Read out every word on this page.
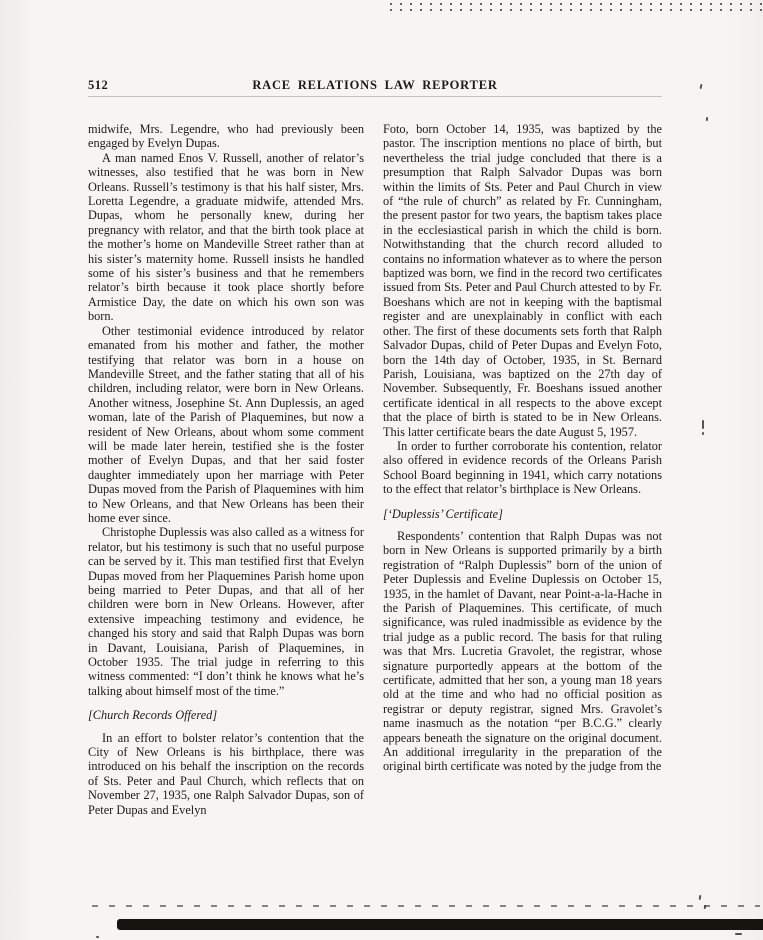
512	RACE RELATIONS LAW REPORTER

midwife, Mrs. Legendre, who had previously been engaged by Evelyn Dupas.

A man named Enos V. Russell, another of relator’s witnesses, also testified that he was born in New Orleans. Russell’s testimony is that his half sister, Mrs. Loretta Legendre, a graduate midwife, attended Mrs. Dupas, whom he personally knew, during her pregnancy with relator, and that the birth took place at the mother’s home on Mandeville Street rather than at his sister’s maternity home. Russell insists he handled some of his sister’s business and that he remembers relator’s birth because it took place shortly before Armistice Day, the date on which his own son was born.

Other testimonial evidence introduced by relator emanated from his mother and father, the mother testifying that relator was born in a house on Mandeville Street, and the father stating that all of his children, including relator, were born in New Orleans. Another witness, Josephine St. Ann Duplessis, an aged woman, late of the Parish of Plaquemines, but now a resident of New Orleans, about whom some comment will be made later herein, testified she is the foster mother of Evelyn Dupas, and that her said foster daughter immediately upon her marriage with Peter Dupas moved from the Parish of Plaquemines with him to New Orleans, and that New Orleans has been their home ever since.

Christophe Duplessis was also called as a witness for relator, but his testimony is such that no useful purpose can be served by it. This man testified first that Evelyn Dupas moved from her Plaquemines Parish home upon being married to Peter Dupas, and that all of her children were born in New Orleans. However, after extensive impeaching testimony and evidence, he changed his story and said that Ralph Dupas was born in Davant, Louisiana, Parish of Plaquemines, in October 1935. The trial judge in referring to this witness commented: “I don’t think he knows what he’s talking about himself most of the time.”

[Church Records Offered]

In an effort to bolster relator’s contention that the City of New Orleans is his birthplace, there was introduced on his behalf the inscription on the records of Sts. Peter and Paul Church, which reflects that on November 27, 1935, one Ralph Salvador Dupas, son of Peter Dupas and Evelyn

Foto, born October 14, 1935, was baptized by the pastor. The inscription mentions no place of birth, but nevertheless the trial judge concluded that there is a presumption that Ralph Salvador Dupas was born within the limits of Sts. Peter and Paul Church in view of “the rule of church” as related by Fr. Cunningham, the present pastor for two years, the baptism takes place in the ecclesiastical parish in which the child is born. Notwithstanding that the church record alluded to contains no information whatever as to where the person baptized was born, we find in the record two certificates issued from Sts. Peter and Paul Church attested to by Fr. Boeshans which are not in keeping with the baptismal register and are unexplainably in conflict with each other. The first of these documents sets forth that Ralph Salvador Dupas, child of Peter Dupas and Evelyn Foto, born the 14th day of October, 1935, in St. Bernard Parish, Louisiana, was baptized on the 27th day of November. Subsequently, Fr. Boeshans issued another certificate identical in all respects to the above except that the place of birth is stated to be in New Orleans. This latter certificate bears the date August 5, 1957.

In order to further corroborate his contention, relator also offered in evidence records of the Orleans Parish School Board beginning in 1941, which carry notations to the effect that relator’s birthplace is New Orleans.

[‘Duplessis’ Certificate]

Respondents’ contention that Ralph Dupas was not born in New Orleans is supported primarily by a birth registration of “Ralph Duplessis” born of the union of Peter Duplessis and Eveline Duplessis on October 15, 1935, in the hamlet of Davant, near Point-a-la-Hache in the Parish of Plaquemines. This certificate, of much significance, was ruled inadmissible as evidence by the trial judge as a public record. The basis for that ruling was that Mrs. Lucretia Gravolet, the registrar, whose signature purportedly appears at the bottom of the certificate, admitted that her son, a young man 18 years old at the time and who had no official position as registrar or deputy registrar, signed Mrs. Gravolet’s name inasmuch as the notation “per B.C.G.” clearly appears beneath the signature on the original document. An additional irregularity in the preparation of the original birth certificate was noted by the judge from the
